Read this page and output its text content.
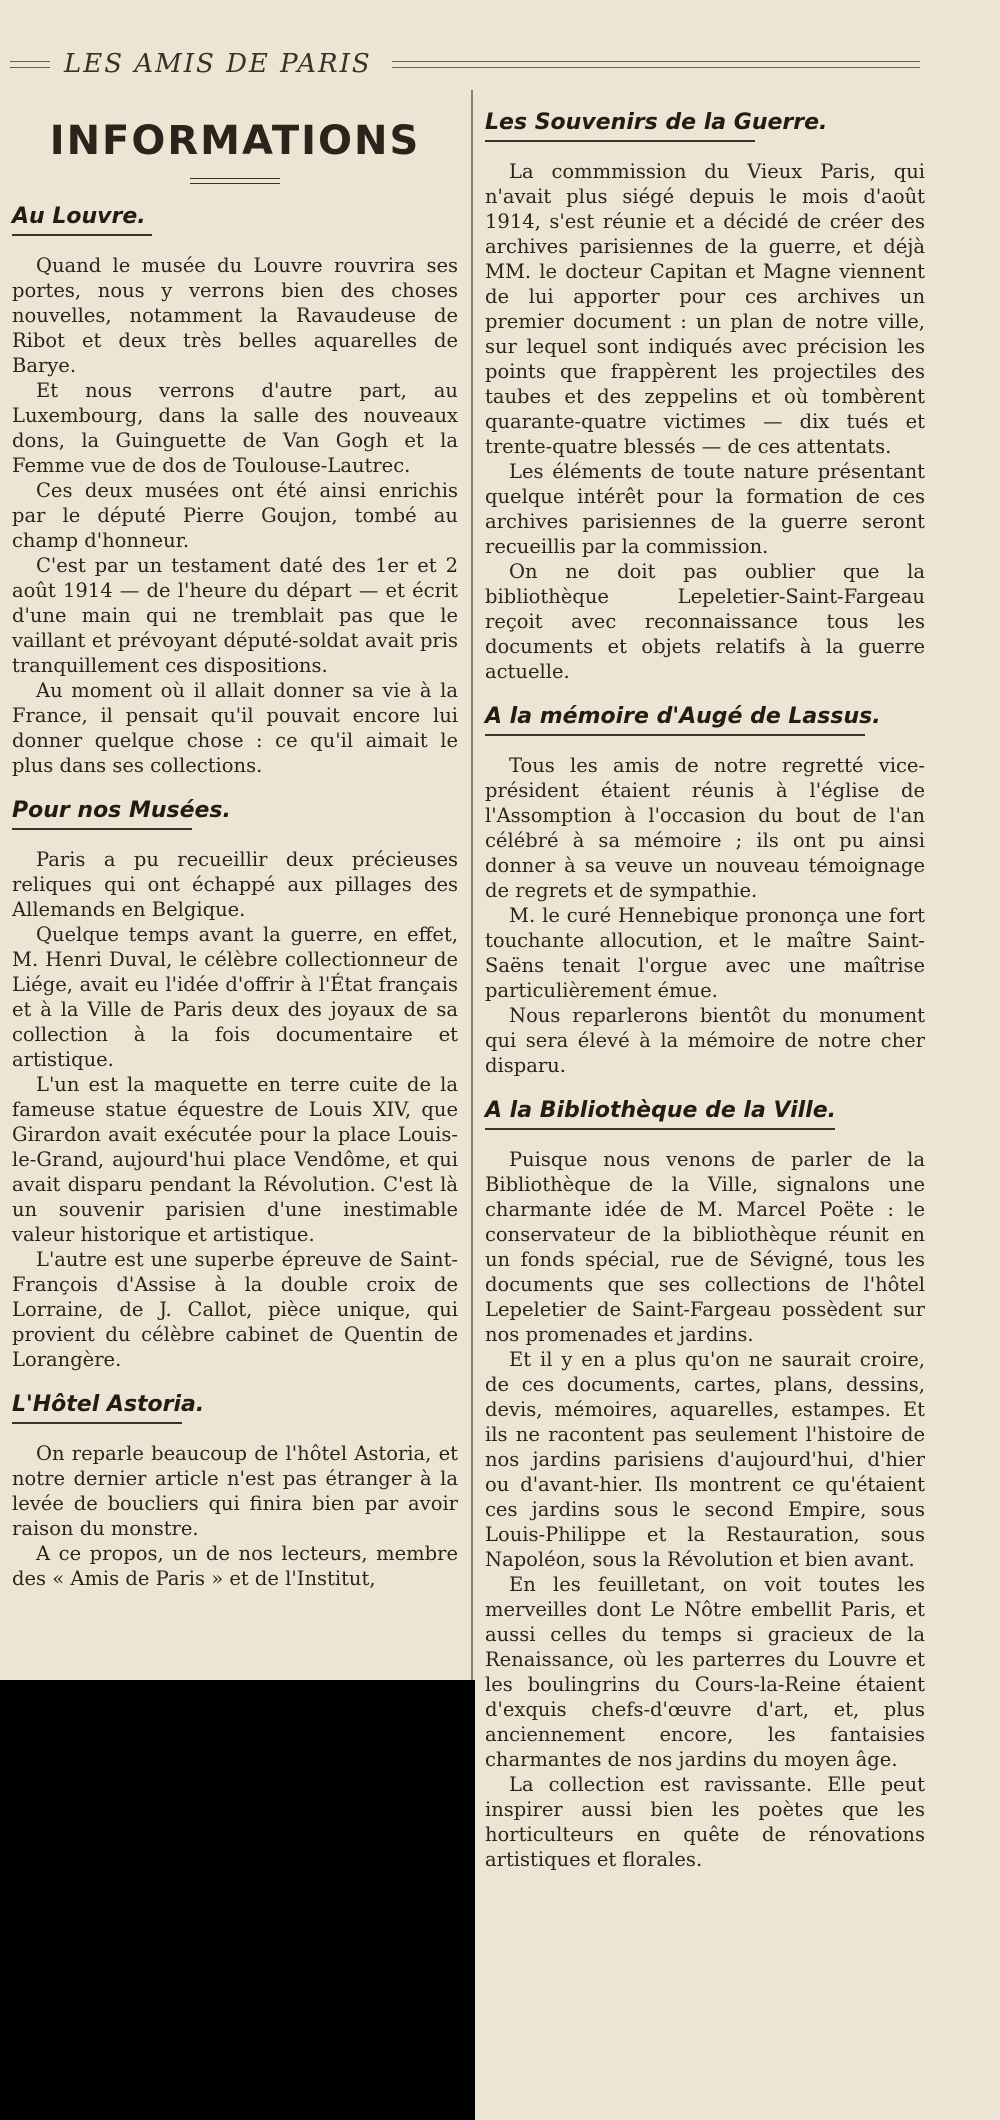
LES AMIS DE PARIS
INFORMATIONS
Au Louvre.

Quand le musée du Louvre rouvrira ses portes, nous y verrons bien des choses nouvelles, notamment la Ravaudeuse de Ribot et deux très belles aquarelles de Barye.

Et nous verrons d'autre part, au Luxembourg, dans la salle des nouveaux dons, la Guinguette de Van Gogh et la Femme vue de dos de Toulouse-Lautrec.

Ces deux musées ont été ainsi enrichis par le député Pierre Goujon, tombé au champ d'honneur.

C'est par un testament daté des 1er et 2 août 1914 — de l'heure du départ — et écrit d'une main qui ne tremblait pas que le vaillant et prévoyant député-soldat avait pris tranquillement ces dispositions.

Au moment où il allait donner sa vie à la France, il pensait qu'il pouvait encore lui donner quelque chose : ce qu'il aimait le plus dans ses collections.

Pour nos Musées.

Paris a pu recueillir deux précieuses reliques qui ont échappé aux pillages des Allemands en Belgique.

Quelque temps avant la guerre, en effet, M. Henri Duval, le célèbre collectionneur de Liége, avait eu l'idée d'offrir à l'État français et à la Ville de Paris deux des joyaux de sa collection à la fois documentaire et artistique.

L'un est la maquette en terre cuite de la fameuse statue équestre de Louis XIV, que Girardon avait exécutée pour la place Louis-le-Grand, aujourd'hui place Vendôme, et qui avait disparu pendant la Révolution. C'est là un souvenir parisien d'une inestimable valeur historique et artistique.

L'autre est une superbe épreuve de Saint-François d'Assise à la double croix de Lorraine, de J. Callot, pièce unique, qui provient du célèbre cabinet de Quentin de Lorangère.

L'Hôtel Astoria.

On reparle beaucoup de l'hôtel Astoria, et notre dernier article n'est pas étranger à la levée de boucliers qui finira bien par avoir raison du monstre.

A ce propos, un de nos lecteurs, membre des « Amis de Paris » et de l'Institut,

Les Souvenirs de la Guerre.

La commmission du Vieux Paris, qui n'avait plus siégé depuis le mois d'août 1914, s'est réunie et a décidé de créer des archives parisiennes de la guerre, et déjà MM. le docteur Capitan et Magne viennent de lui apporter pour ces archives un premier document : un plan de notre ville, sur lequel sont indiqués avec précision les points que frappèrent les projectiles des taubes et des zeppelins et où tombèrent quarante-quatre victimes — dix tués et trente-quatre blessés — de ces attentats.

Les éléments de toute nature présentant quelque intérêt pour la formation de ces archives parisiennes de la guerre seront recueillis par la commission.

On ne doit pas oublier que la bibliothèque Lepeletier-Saint-Fargeau reçoit avec reconnaissance tous les documents et objets relatifs à la guerre actuelle.

A la mémoire d'Augé de Lassus.

Tous les amis de notre regretté vice-président étaient réunis à l'église de l'Assomption à l'occasion du bout de l'an célébré à sa mémoire ; ils ont pu ainsi donner à sa veuve un nouveau témoignage de regrets et de sympathie.

M. le curé Hennebique prononça une fort touchante allocution, et le maître Saint-Saëns tenait l'orgue avec une maîtrise particulièrement émue.

Nous reparlerons bientôt du monument qui sera élevé à la mémoire de notre cher disparu.

A la Bibliothèque de la Ville.

Puisque nous venons de parler de la Bibliothèque de la Ville, signalons une charmante idée de M. Marcel Poëte : le conservateur de la bibliothèque réunit en un fonds spécial, rue de Sévigné, tous les documents que ses collections de l'hôtel Lepeletier de Saint-Fargeau possèdent sur nos promenades et jardins.

Et il y en a plus qu'on ne saurait croire, de ces documents, cartes, plans, dessins, devis, mémoires, aquarelles, estampes. Et ils ne racontent pas seulement l'histoire de nos jardins parisiens d'aujourd'hui, d'hier ou d'avant-hier. Ils montrent ce qu'étaient ces jardins sous le second Empire, sous Louis-Philippe et la Restauration, sous Napoléon, sous la Révolution et bien avant.

En les feuilletant, on voit toutes les merveilles dont Le Nôtre embellit Paris, et aussi celles du temps si gracieux de la Renaissance, où les parterres du Louvre et les boulingrins du Cours-la-Reine étaient d'exquis chefs-d'œuvre d'art, et, plus anciennement encore, les fantaisies charmantes de nos jardins du moyen âge.

La collection est ravissante. Elle peut inspirer aussi bien les poètes que les horticulteurs en quête de rénovations artistiques et florales.
